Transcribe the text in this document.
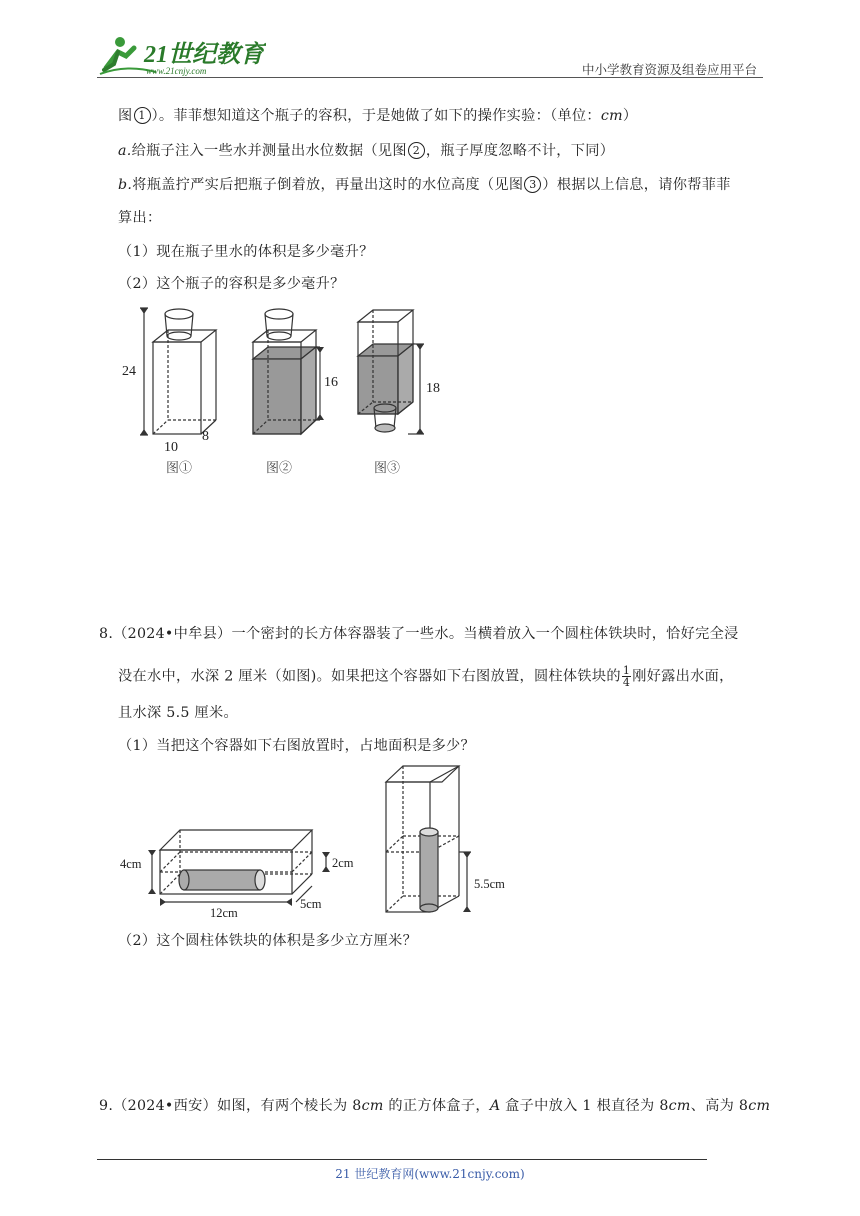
21世纪教育
www.21cnjy.com	中小学教育资源及组卷应用平台
图 1 ）。菲菲想知道这个瓶子的容积，于是她做了如下的操作实验：（单位：cm）
a.给瓶子注入一些水并测量出水位数据（见图 2 ，瓶子厚度忽略不计，下同）
b.将瓶盖拧严实后把瓶子倒着放，再量出这时的水位高度（见图 3 ）根据以上信息，请你帮菲菲
算出：
（1）现在瓶子里水的体积是多少毫升？
（2）这个瓶子的容积是多少毫升？
24
10
8
16	18
图①	图②	图③
8.（2024•中牟县）一个密封的长方体容器装了一些水。当横着放入一个圆柱体铁块时，恰好完全浸
没在水中，水深 2 厘米（如图)。如果把这个容器如下右图放置，圆柱体铁块的 $\frac{1}{4}$ 刚好露出水面，
且水深 5.5 厘米。
（1）当把这个容器如下右图放置时，占地面积是多少？
4cm	2cm
12cm
5cm
5.5cm
（2）这个圆柱体铁块的体积是多少立方厘米？
9.（2024•西安）如图，有两个棱长为 8cm 的正方体盒子，A 盒子中放入 1 根直径为 8cm、高为 8cm
21 世纪教育网(www.21cnjy.com)
